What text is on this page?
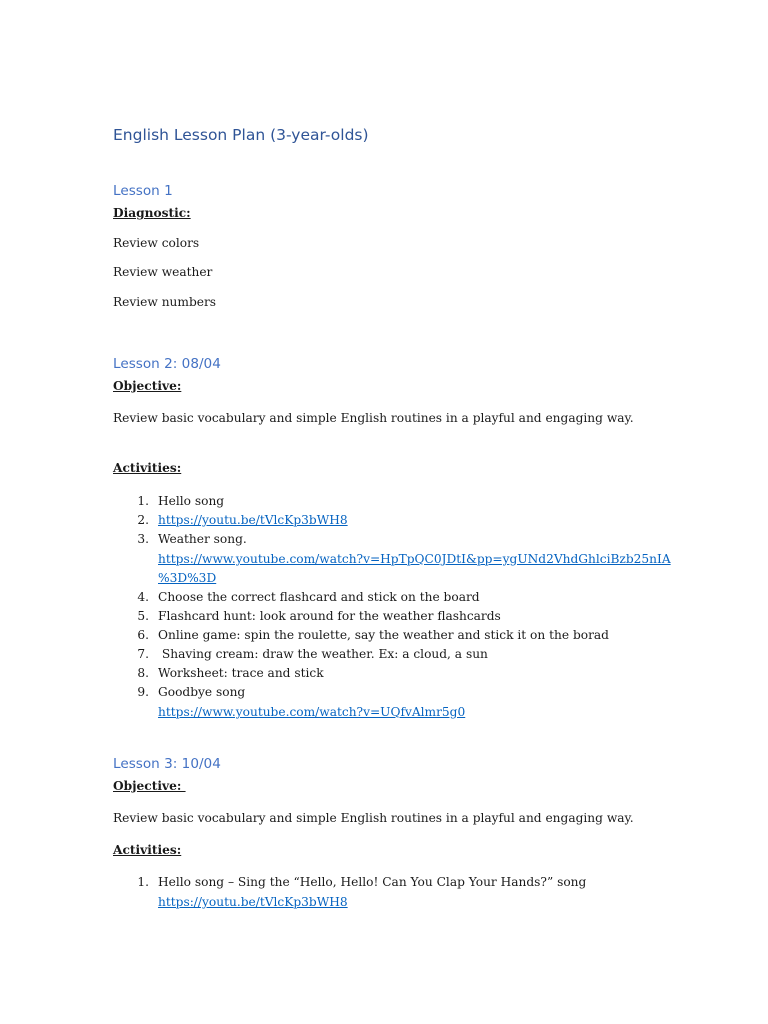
English Lesson Plan (3-year-olds)
Lesson 1
Diagnostic:
Review colors
Review weather
Review numbers
Lesson 2: 08/04
Objective:
Review basic vocabulary and simple English routines in a playful and engaging way.
Activities:
1. Hello song
2. https://youtu.be/tVlcKp3bWH8
3. Weather song.
https://www.youtube.com/watch?v=HpTpQC0JDtI&pp=ygUNd2VhdGhlciBzb25nIA
%3D%3D
4. Choose the correct flashcard and stick on the board
5. Flashcard hunt: look around for the weather flashcards
6. Online game: spin the roulette, say the weather and stick it on the borad
7. Shaving cream: draw the weather. Ex: a cloud, a sun
8. Worksheet: trace and stick
9. Goodbye song
https://www.youtube.com/watch?v=UQfvAlmr5g0
Lesson 3: 10/04
Objective:
Review basic vocabulary and simple English routines in a playful and engaging way.
Activities:
1. Hello song – Sing the “Hello, Hello! Can You Clap Your Hands?” song
https://youtu.be/tVlcKp3bWH8
